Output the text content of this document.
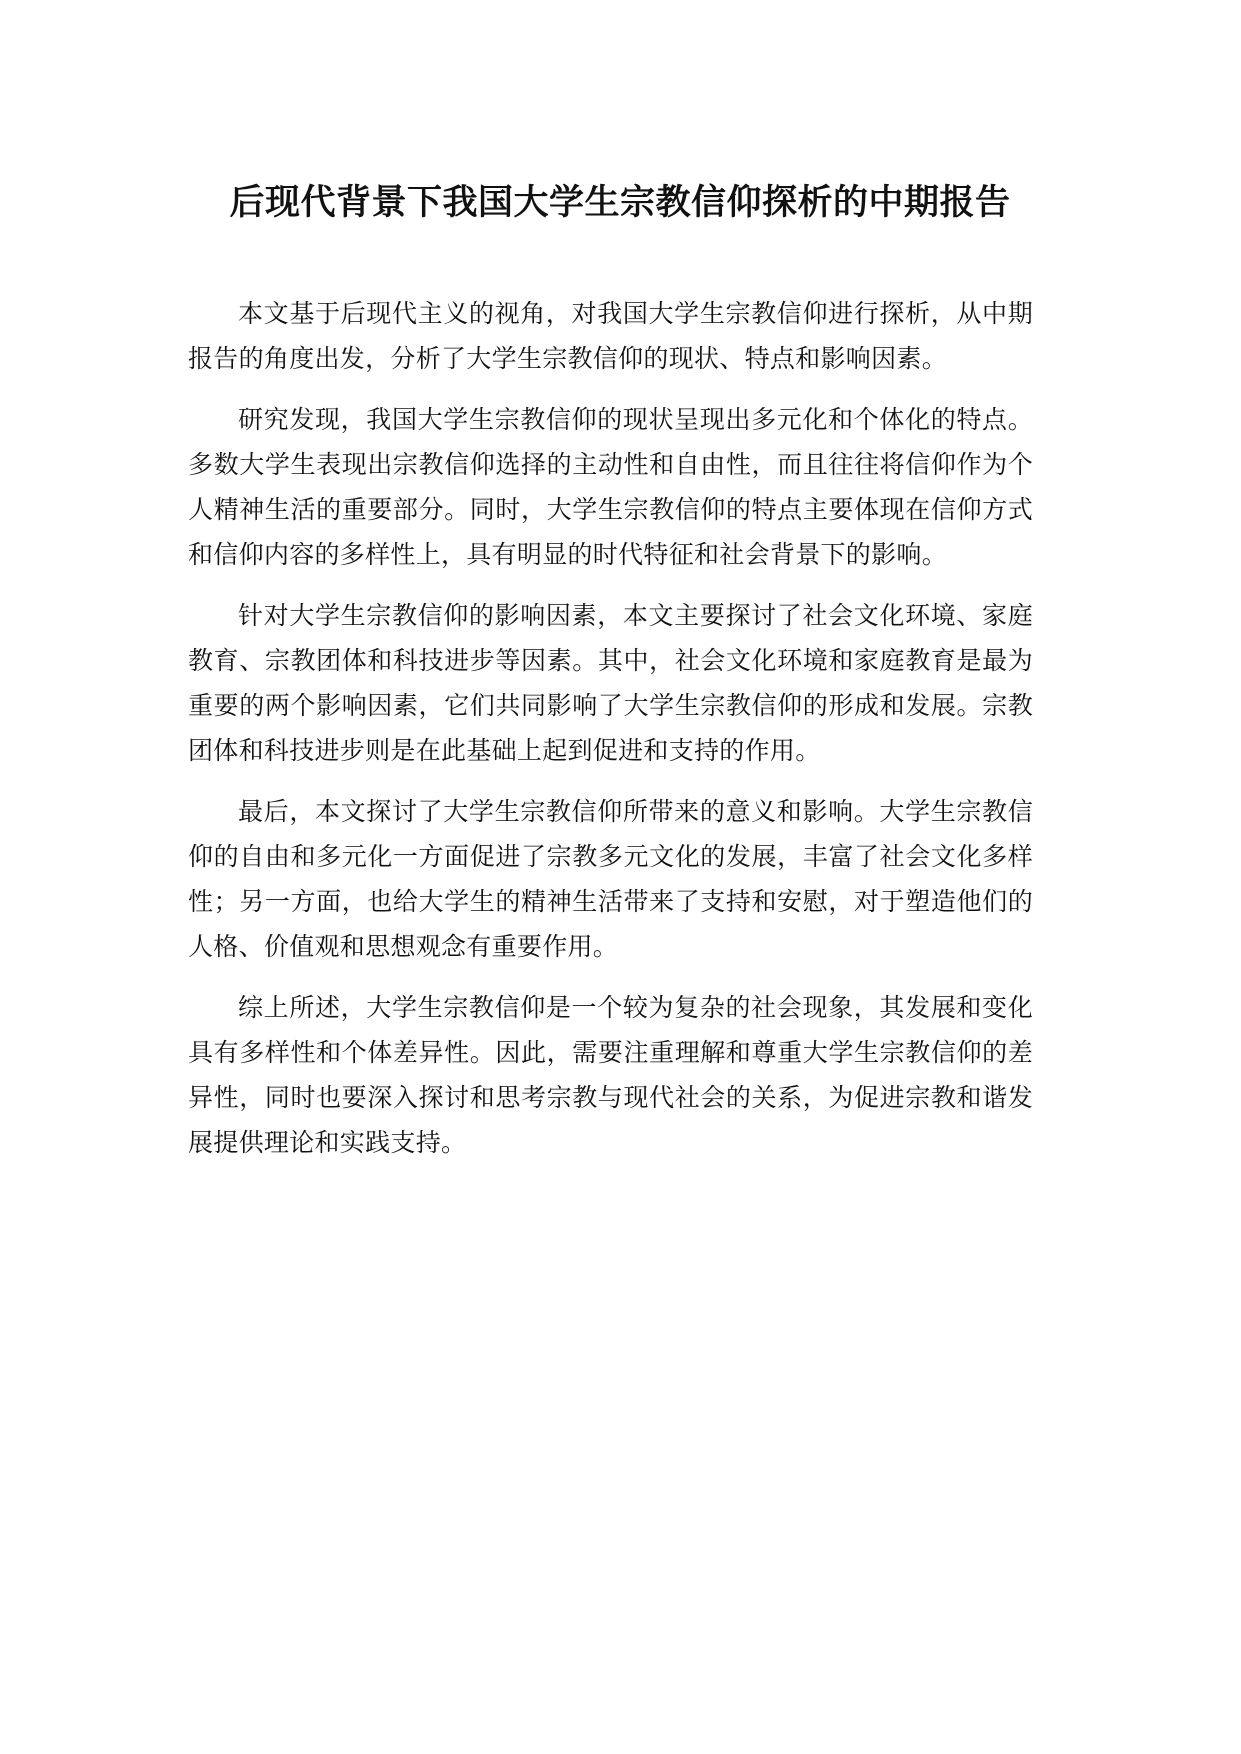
后现代背景下我国大学生宗教信仰探析的中期报告

本文基于后现代主义的视角，对我国大学生宗教信仰进行探析，从中期报告的角度出发，分析了大学生宗教信仰的现状、特点和影响因素。

研究发现，我国大学生宗教信仰的现状呈现出多元化和个体化的特点。多数大学生表现出宗教信仰选择的主动性和自由性，而且往往将信仰作为个人精神生活的重要部分。同时，大学生宗教信仰的特点主要体现在信仰方式和信仰内容的多样性上，具有明显的时代特征和社会背景下的影响。

针对大学生宗教信仰的影响因素，本文主要探讨了社会文化环境、家庭教育、宗教团体和科技进步等因素。其中，社会文化环境和家庭教育是最为重要的两个影响因素，它们共同影响了大学生宗教信仰的形成和发展。宗教团体和科技进步则是在此基础上起到促进和支持的作用。

最后，本文探讨了大学生宗教信仰所带来的意义和影响。大学生宗教信仰的自由和多元化一方面促进了宗教多元文化的发展，丰富了社会文化多样性；另一方面，也给大学生的精神生活带来了支持和安慰，对于塑造他们的人格、价值观和思想观念有重要作用。

综上所述，大学生宗教信仰是一个较为复杂的社会现象，其发展和变化具有多样性和个体差异性。因此，需要注重理解和尊重大学生宗教信仰的差异性，同时也要深入探讨和思考宗教与现代社会的关系，为促进宗教和谐发展提供理论和实践支持。
